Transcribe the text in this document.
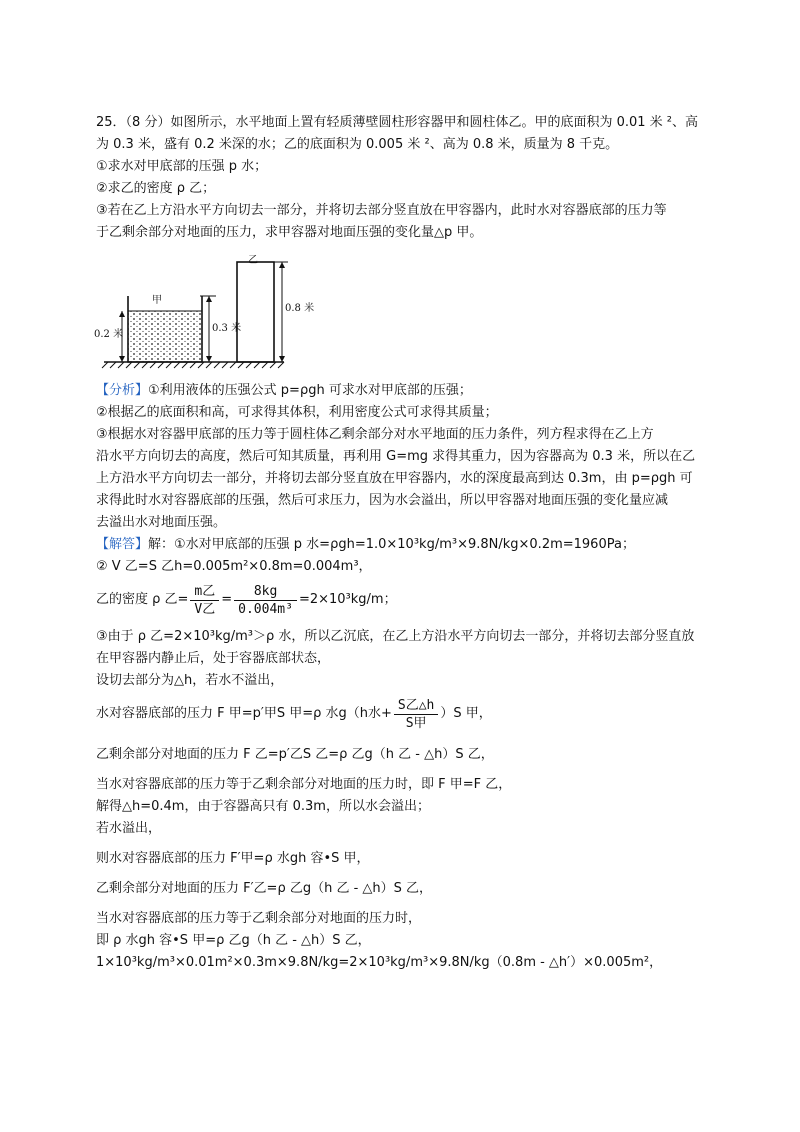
25．（8 分）如图所示，水平地面上置有轻质薄壁圆柱形容器甲和圆柱体乙。甲的底面积为 0.01 米 ²、高
为 0.3 米，盛有 0.2 米深的水；乙的底面积为 0.005 米 ²、高为 0.8 米，质量为 8 千克。
①求水对甲底部的压强 p 水；
②求乙的密度 ρ 乙；
③若在乙上方沿水平方向切去一部分，并将切去部分竖直放在甲容器内，此时水对容器底部的压力等
于乙剩余部分对地面的压力，求甲容器对地面压强的变化量△p 甲。
甲
乙
0.2 米
0.3 米
0.8 米
【分析】①利用液体的压强公式 p=ρgh 可求水对甲底部的压强；
②根据乙的底面积和高，可求得其体积，利用密度公式可求得其质量；
③根据水对容器甲底部的压力等于圆柱体乙剩余部分对水平地面的压力条件，列方程求得在乙上方
沿水平方向切去的高度，然后可知其质量，再利用 G=mg 求得其重力，因为容器高为 0.3 米，所以在乙
上方沿水平方向切去一部分，并将切去部分竖直放在甲容器内，水的深度最高到达 0.3m，由 p=ρgh 可
求得此时水对容器底部的压强，然后可求压力，因为水会溢出，所以甲容器对地面压强的变化量应减
去溢出水对地面压强。
【解答】解：①水对甲底部的压强 p 水=ρgh=1.0×10³kg/m³×9.8N/kg×0.2m=1960Pa；
② V 乙=S 乙h=0.005m²×0.8m=0.004m³，
乙的密度 ρ 乙= $\frac{\text{m乙}}{\text{V乙}} = \frac{8kg}{\text{0.004m³}} =2\times 10^3kg/m$；
③由于 ρ 乙=2×10³kg/m³＞ρ 水，所以乙沉底，在乙上方沿水平方向切去一部分，并将切去部分竖直放
在甲容器内静止后，处于容器底部状态，
设切去部分为△h，若水不溢出，
水对容器底部的压力 F 甲=p′甲S 甲=ρ 水g（h水+ $\frac{\text{S乙△h}}{\text{S甲}} )S$ 甲，
乙剩余部分对地面的压力 F 乙=p′乙S 乙=ρ 乙g（h 乙 - △h）S 乙，
当水对容器底部的压力等于乙剩余部分对地面的压力时，即 F 甲=F 乙，
解得△h=0.4m，由于容器高只有 0.3m，所以水会溢出；
若水溢出，
则水对容器底部的压力 F′甲=ρ 水gh 容•S 甲，
乙剩余部分对地面的压力 F′乙=ρ 乙g（h 乙 - △h）S 乙，
当水对容器底部的压力等于乙剩余部分对地面的压力时，
即 ρ 水gh 容•S 甲=ρ 乙g（h 乙 - △h）S 乙，
1×10³kg/m³×0.01m²×0.3m×9.8N/kg=2×10³kg/m³×9.8N/kg（0.8m - △h′）×0.005m²，
